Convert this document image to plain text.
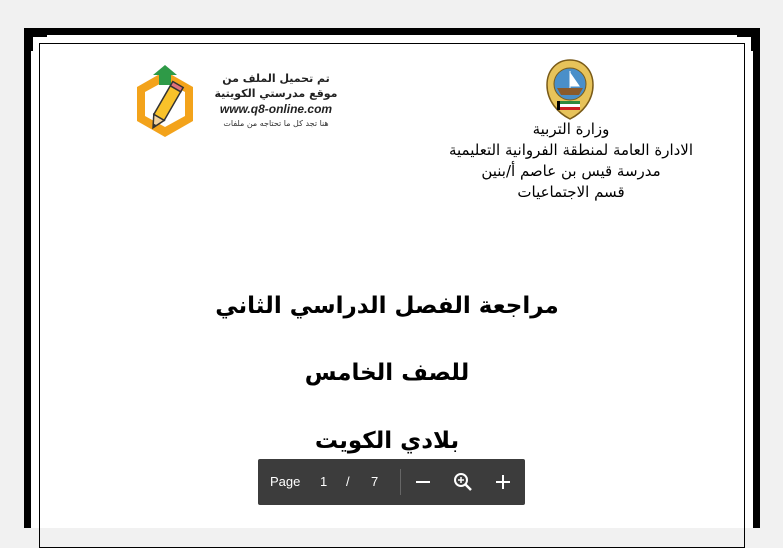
تم تحميل الملف من
موقع مدرستي الكويتية
www.q8-online.com
هنا تجد كل ما تحتاجه من ملفات	وزارة التربية
الادارة العامة لمنطقة الفروانية التعليمية
مدرسة قيس بن عاصم أ/بنين
قسم الاجتماعيات
مراجعة الفصل الدراسي الثاني
للصف الخامس
بلادي الكويت
Page 1 / 7
